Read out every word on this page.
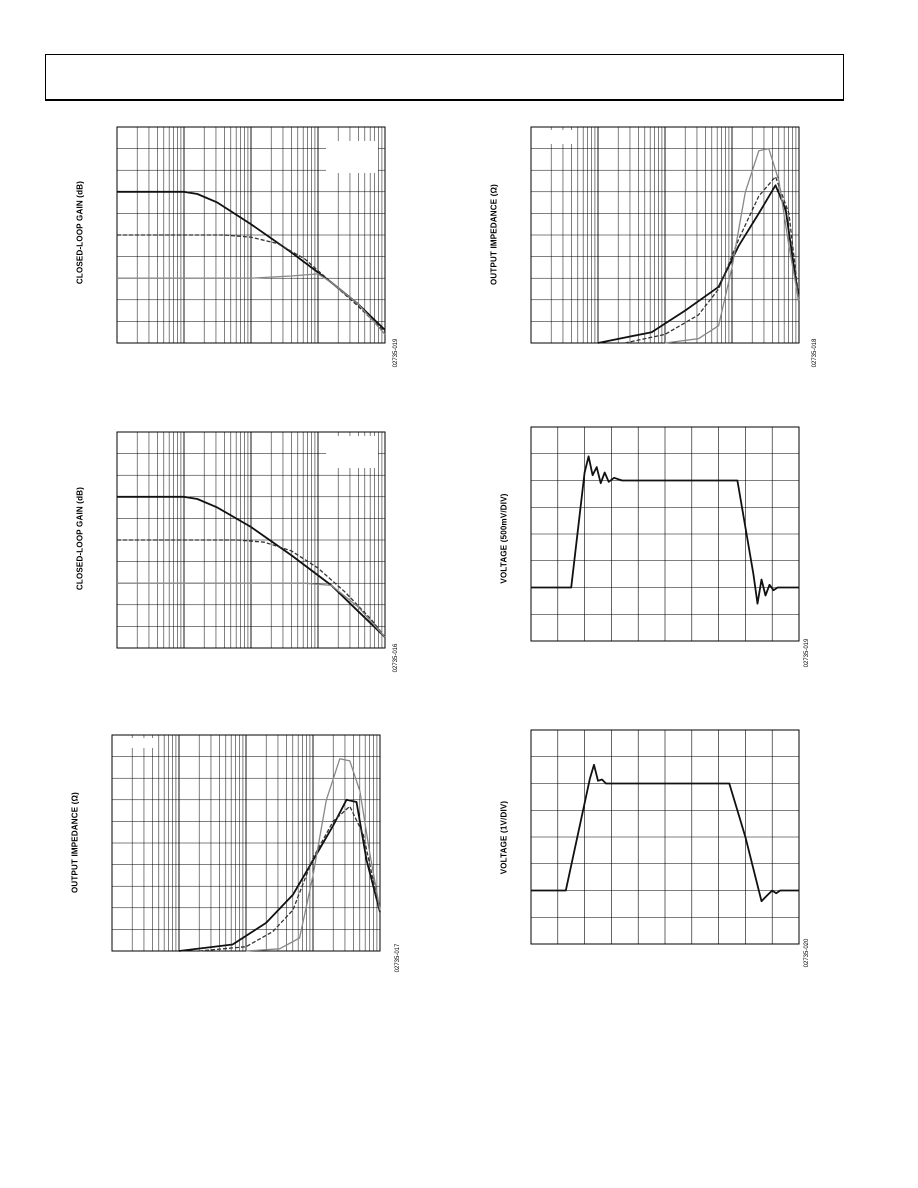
CLOSED-LOOP GAIN (dB)
02735-019
CLOSED-LOOP GAIN (dB)
02735-016
OUTPUT IMPEDANCE (Ω)
02735-017
OUTPUT IMPEDANCE (Ω)
02735-018
VOLTAGE (500mV/DIV)
02735-019
VOLTAGE (1V/DIV)
02735-020
